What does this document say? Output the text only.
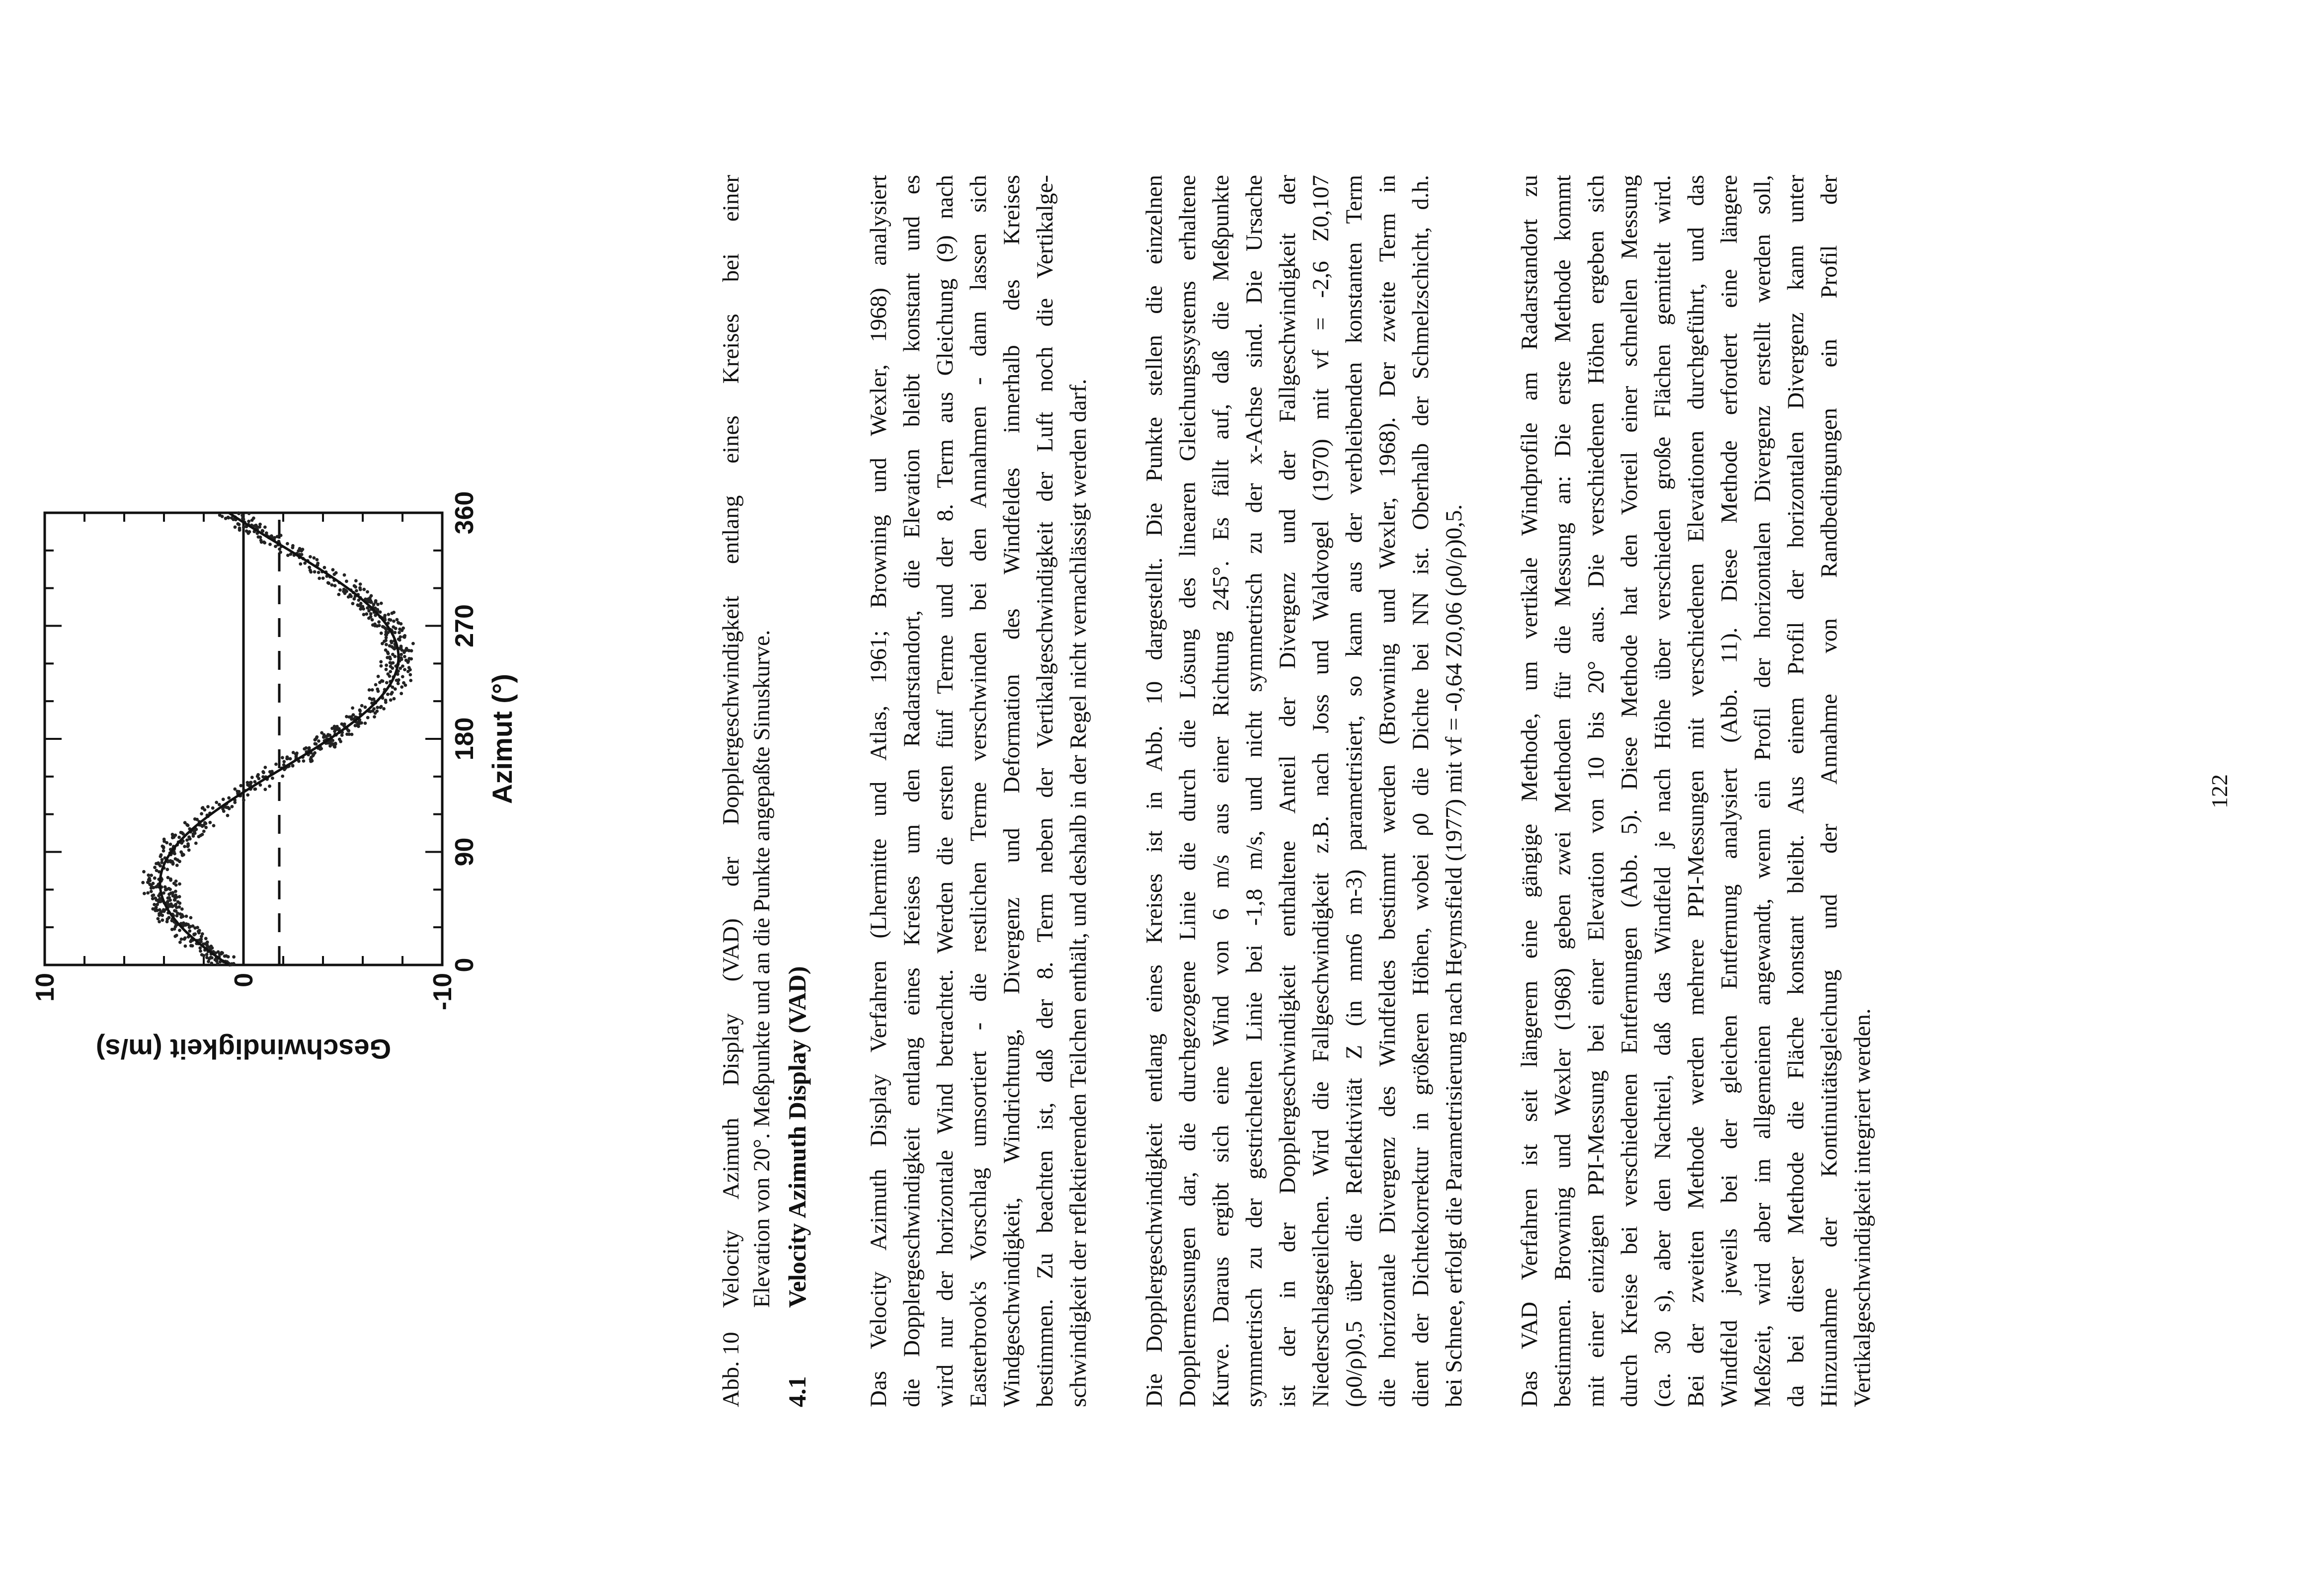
0
90
180
270
360
-10
0
10
Azimut (°)
Geschwindigkeit (m/s)
Abb. 10
Velocity Azimuth Display (VAD) der Dopplergeschwindigkeit entlang eines Kreises bei einer Elevation von 20°. Meßpunkte und an die Punkte angepaßte Sinuskurve.
4.1
Velocity Azimuth Display (VAD) Das Velocity Azimuth Display Verfahren (Lhermitte und Atlas, 1961; Browning und Wexler, 1968) analysiert die Dopplergeschwindigkeit entlang eines Kreises um den Radarstandort, die Elevation bleibt konstant und es wird nur der horizontale Wind betrachtet. Werden die ersten fünf Terme und der 8. Term aus Gleichung (9) nach Easterbrook's Vorschlag umsortiert - die restlichen Terme verschwinden bei den Annahmen - dann lassen sich Windgeschwindigkeit, Windrichtung, Divergenz und Deformation des Windfeldes innerhalb des Kreises bestimmen. Zu beachten ist, daß der 8. Term neben der Vertikalgeschwindigkeit der Luft noch die Vertikalge- schwindigkeit der reflektierenden Teilchen enthält, und deshalb in der Regel nicht vernachlässigt werden darf. Die Dopplergeschwindigkeit entlang eines Kreises ist in Abb. 10 dargestellt. Die Punkte stellen die einzelnen Dopplermessungen dar, die durchgezogene Linie die durch die Lösung des linearen Gleichungssystems erhaltene Kurve. Daraus ergibt sich eine Wind von 6 m/s aus einer Richtung 245°. Es fällt auf, daß die Meßpunkte symmetrisch zu der gestrichelten Linie bei -1,8 m/s, und nicht symmetrisch zu der x-Achse sind. Die Ursache ist der in der Dopplergeschwindigkeit enthaltene Anteil der Divergenz und der Fallgeschwindigkeit der Niederschlagsteilchen. Wird die Fallgeschwindigkeit z.B. nach Joss und Waldvogel (1970) mit vf = -2,6 Z0,107 (ρ0/ρ)0,5 über die Reflektivität Z (in mm6 m-3) parametrisiert, so kann aus der verbleibenden konstanten Term die horizontale Divergenz des Windfeldes bestimmt werden (Browning und Wexler, 1968). Der zweite Term in dient der Dichtekorrektur in größeren Höhen, wobei ρ0 die Dichte bei NN ist. Oberhalb der Schmelzschicht, d.h. bei Schnee, erfolgt die Parametrisierung nach Heymsfield (1977) mit vf = -0,64 Z0,06 (ρ0/ρ)0,5. Das VAD Verfahren ist seit längerem eine gängige Methode, um vertikale Windprofile am Radarstandort zu bestimmen. Browning und Wexler (1968) geben zwei Methoden für die Messung an: Die erste Methode kommt mit einer einzigen PPI-Messung bei einer Elevation von 10 bis 20° aus. Die verschiedenen Höhen ergeben sich durch Kreise bei verschiedenen Entfernungen (Abb. 5). Diese Methode hat den Vorteil einer schnellen Messung (ca. 30 s), aber den Nachteil, daß das Windfeld je nach Höhe über verschieden große Flächen gemittelt wird. Bei der zweiten Methode werden mehrere PPI-Messungen mit verschiedenen Elevationen durchgeführt, und das Windfeld jeweils bei der gleichen Entfernung analysiert (Abb. 11). Diese Methode erfordert eine längere Meßzeit, wird aber im allgemeinen angewandt, wenn ein Profil der horizontalen Divergenz erstellt werden soll, da bei dieser Methode die Fläche konstant bleibt. Aus einem Profil der horizontalen Divergenz kann unter Hinzunahme der Kontinuitätsgleichung und der Annahme von Randbedingungen ein Profil der Vertikalgeschwindigkeit integriert werden.
122
